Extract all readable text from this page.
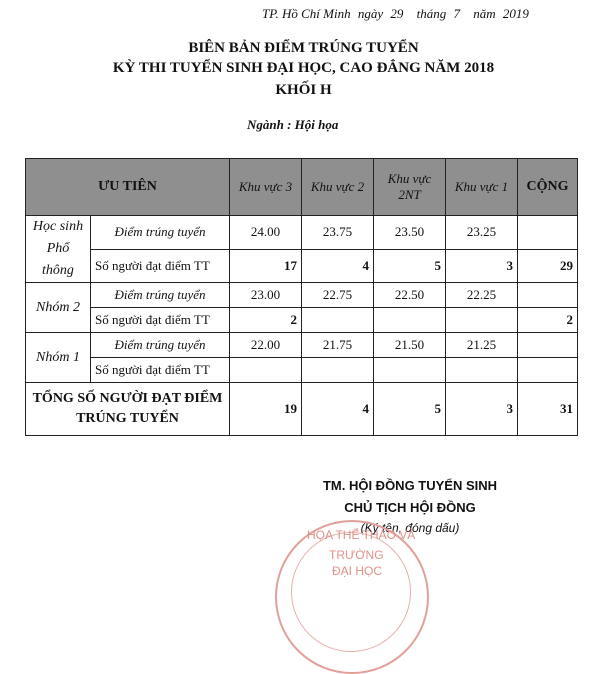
TP. Hồ Chí Minh ngày 29 tháng 7 năm 2019
BIÊN BẢN ĐIỂM TRÚNG TUYỂN
KỲ THI TUYỂN SINH ĐẠI HỌC, CAO ĐẲNG NĂM 2018
KHỐI H
Ngành : Hội họa
ƯU TIÊN		Khu vực 3	Khu vực 2	Khu vực 2NT	Khu vực 1	CỘNG
Học sinh Phổ thông	Điểm trúng tuyển	24.00	23.75	23.50	23.25	
	Số người đạt điểm TT	17	4	5	3	29
Nhóm 2	Điểm trúng tuyển	23.00	22.75	22.50	22.25	
	Số người đạt điểm TT	2				2
Nhóm 1	Điểm trúng tuyển	22.00	21.75	21.50	21.25	
	Số người đạt điểm TT					
TỔNG SỐ NGƯỜI ĐẠT ĐIỂM TRÚNG TUYỂN		19	4	5	3	31
TM. HỘI ĐỒNG TUYỂN SINH
CHỦ TỊCH HỘI ĐỒNG
(Ký tên, đóng dấu)
HỌA THỂ THAO VÀ
TRƯỜNG
ĐẠI HỌC
